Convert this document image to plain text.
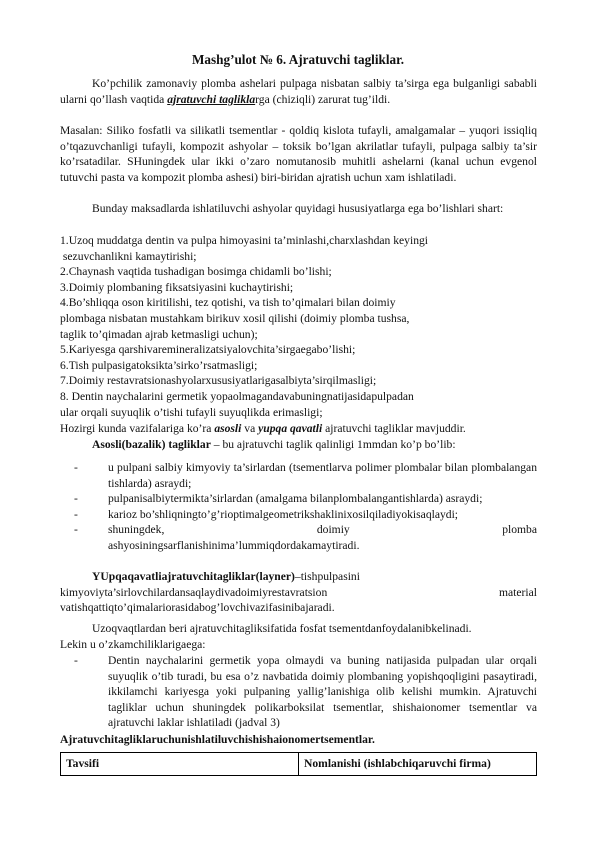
Mashg’ulot № 6. Ajratuvchi tagliklar.
Ko’pchilik zamonaviy plomba ashelari pulpaga nisbatan salbiy ta’sirga ega bulganligi sababli ularni qo’llash vaqtida ajratuvchi tagliklarga (chiziqli) zarurat tug’ildi.
Masalan: Siliko fosfatli va silikatli tsementlar - qoldiq kislota tufayli, amalgamalar – yuqori issiqliq o’tqazuvchanligi tufayli, kompozit ashyolar – toksik bo’lgan akrilatlar tufayli, pulpaga salbiy ta’sir ko’rsatadilar. SHuningdek ular ikki o’zaro nomutanosib muhitli ashelarni (kanal uchun evgenol tutuvchi pasta va kompozit plomba ashesi) biri-biridan ajratish uchun xam ishlatiladi.
Bunday maksadlarda ishlatiluvchi ashyolar quyidagi hususiyatlarga ega bo’lishlari shart:
1.Uzoq muddatga dentin va pulpa himoyasini ta’minlashi,charxlashdan keyingi
sezuvchanlikni kamaytirishi;
2.Chaynash vaqtida tushadigan bosimga chidamli bo’lishi;
3.Doimiy plombaning fiksatsiyasini kuchaytirishi;
4.Bo’shliqqa oson kiritilishi, tez qotishi, va tish to’qimalari bilan doimiy
plombaga nisbatan mustahkam birikuv xosil qilishi (doimiy plomba tushsa,
taglik to’qimadan ajrab ketmasligi uchun);
5.Kariyesga qarshivaremineralizatsiyalovchita’sirgaegabo’lishi;
6.Tish pulpasigatoksikta’sirko’rsatmasligi;
7.Doimiy restavratsionashyolarxususiyatlarigasalbiyta’sirqilmasligi;
8. Dentin naychalarini germetik yopaolmagandavabuningnatijasidapulpadan
ular orqali suyuqlik o’tishi tufayli suyuqlikda erimasligi;
Hozirgi kunda vazifalariga ko’ra asosli va yupqa qavatli ajratuvchi tagliklar mavjuddir.
Asosli(bazalik) tagliklar – bu ajratuvchi taglik qalinligi 1mmdan ko’p bo’lib:
- u pulpani salbiy kimyoviy ta’sirlardan (tsementlarva polimer plombalar bilan plombalangan tishlarda) asraydi;
- pulpanisalbiytermikta’sirlardan (amalgama bilanplombalangantishlarda) asraydi;
- karioz bo’shliqningto’g’rioptimalgeometrikshaklinixosilqiladiyokisaqlaydi;
- shuningdek,	doimiy	plomba
ashyosiningsarflanishinima’lummiqdordakamaytiradi.
YUpqaqavatliajratuvchitagliklar(layner)–tishpulpasini
kimyoviyta’sirlovchilardansaqlaydivadoimiyrestavratsion	material
vatishqattiqto’qimalariorasidabog’lovchivazifasinibajaradi.
Uzoqvaqtlardan beri ajratuvchitagliksifatida fosfat tsementdanfoydalanibkelinadi.
Lekin u o’zkamchiliklarigaega:
- Dentin naychalarini germetik yopa olmaydi va buning natijasida pulpadan ular orqali suyuqlik o’tib turadi, bu esa o’z navbatida doimiy plombaning yopishqoqligini pasaytiradi, ikkilamchi kariyesga yoki pulpaning yallig’lanishiga olib kelishi mumkin. Ajratuvchi tagliklar uchun shuningdek polikarboksilat tsementlar, shishaionomer tsementlar va ajratuvchi laklar ishlatiladi (jadval 3)
Ajratuvchitagliklaruchunishlatiluvchishishaionomertsementlar.
Tavsifi	Nomlanishi (ishlabchiqaruvchi firma)
